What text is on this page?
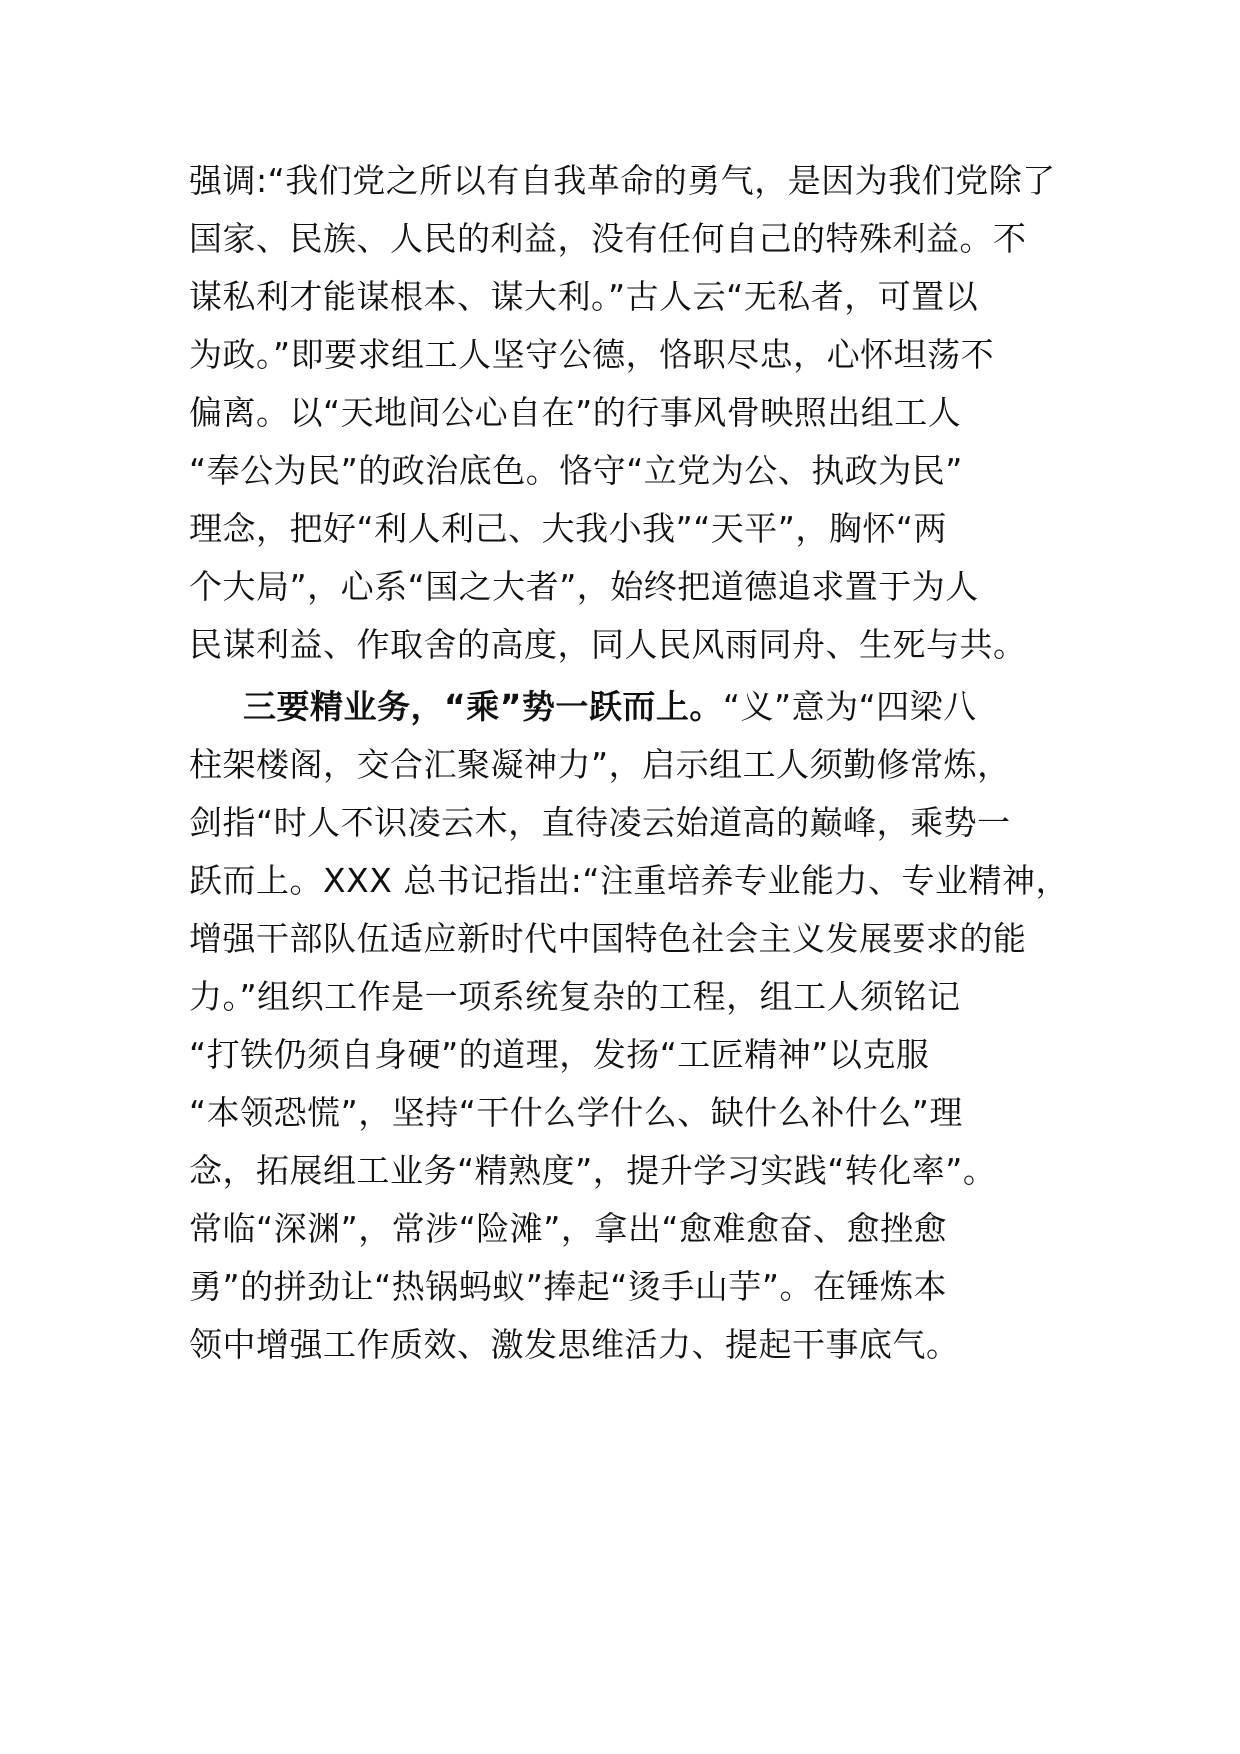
强调:“我们党之所以有自我革命的勇气，是因为我们党除了
国家、民族、人民的利益，没有任何自己的特殊利益。不
谋私利才能谋根本、谋大利。”古人云“无私者，可置以
为政。”即要求组工人坚守公德，恪职尽忠，心怀坦荡不
偏离。以“天地间公心自在”的行事风骨映照出组工人
“奉公为民”的政治底色。恪守“立党为公、执政为民”
理念，把好“利人利己、大我小我”“天平”，胸怀“两
个大局”，心系“国之大者”，始终把道德追求置于为人
民谋利益、作取舍的高度，同人民风雨同舟、生死与共。
三要精业务，“乘”势一跃而上。“义”意为“四梁八
柱架楼阁，交合汇聚凝神力”，启示组工人须勤修常炼，
剑指“时人不识凌云木，直待凌云始道高的巅峰，乘势一
跃而上。XXX 总书记指出:“注重培养专业能力、专业精神，
增强干部队伍适应新时代中国特色社会主义发展要求的能
力。”组织工作是一项系统复杂的工程，组工人须铭记
“打铁仍须自身硬”的道理，发扬“工匠精神”以克服
“本领恐慌”，坚持“干什么学什么、缺什么补什么”理
念，拓展组工业务“精熟度”，提升学习实践“转化率”。
常临“深渊”，常涉“险滩”，拿出“愈难愈奋、愈挫愈
勇”的拼劲让“热锅蚂蚁”捧起“烫手山芋”。在锤炼本
领中增强工作质效、激发思维活力、提起干事底气。
